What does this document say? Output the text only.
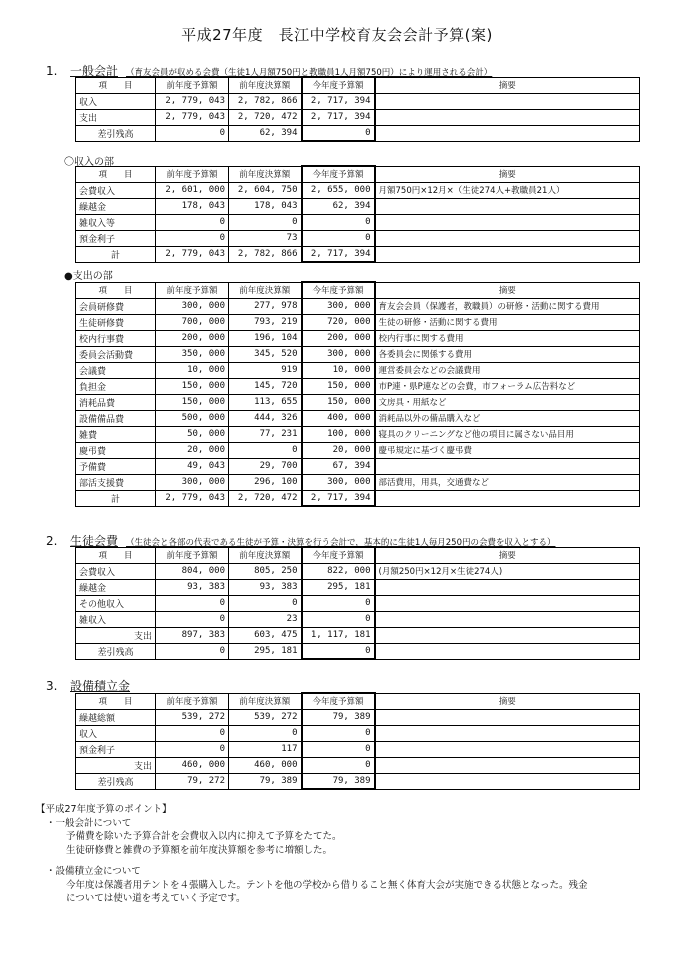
平成27年度　長江中学校育友会会計予算(案)
1. 一般会計 （育友会員が収める会費（生徒1人月額750円と教職員1人月額750円）により運用される会計）
項　　目	前年度予算額	前年度決算額	今年度予算額	摘要
収入	2, 779, 043	2, 782, 866	2, 717, 394	
支出	2, 779, 043	2, 720, 472	2, 717, 394	
差引残高	0	62, 394	0	
〇収入の部
項　　目	前年度予算額	前年度決算額	今年度予算額	摘要
会費収入	2, 601, 000	2, 604, 750	2, 655, 000	月額750円×12月×（生徒274人+教職員21人）
繰越金	178, 043	178, 043	62, 394	
雑収入等	0	0	0	
預金利子	0	73	0	
計	2, 779, 043	2, 782, 866	2, 717, 394	
●支出の部
項　　目	前年度予算額	前年度決算額	今年度予算額	摘要
会員研修費	300, 000	277, 978	300, 000	育友会会員（保護者，教職員）の研修・活動に関する費用
生徒研修費	700, 000	793, 219	720, 000	生徒の研修・活動に関する費用
校内行事費	200, 000	196, 104	200, 000	校内行事に関する費用
委員会活動費	350, 000	345, 520	300, 000	各委員会に関係する費用
会議費	10, 000	919	10, 000	運営委員会などの会議費用
負担金	150, 000	145, 720	150, 000	市P連・県P連などの会費，市フォーラム広告料など
消耗品費	150, 000	113, 655	150, 000	文房具・用紙など
設備備品費	500, 000	444, 326	400, 000	消耗品以外の備品購入など
雑費	50, 000	77, 231	100, 000	寝具のクリーニングなど他の項目に属さない品目用
慶弔費	20, 000	0	20, 000	慶弔規定に基づく慶弔費
予備費	49, 043	29, 700	67, 394	
部活支援費	300, 000	296, 100	300, 000	部活費用，用具，交通費など
計	2, 779, 043	2, 720, 472	2, 717, 394	
2. 生徒会費 （生徒会と各部の代表である生徒が予算・決算を行う会計で，基本的に生徒1人毎月250円の会費を収入とする）
項　　目	前年度予算額	前年度決算額	今年度予算額	摘要
会費収入	804, 000	805, 250	822, 000	(月額250円×12月×生徒274人)
繰越金	93, 383	93, 383	295, 181	
その他収入	0	0	0	
雑収入	0	23	0	
支出	897, 383	603, 475	1, 117, 181	
差引残高	0	295, 181	0	
3. 設備積立金
項　　目	前年度予算額	前年度決算額	今年度予算額	摘要
繰越総額	539, 272	539, 272	79, 389	
収入	0	0	0	
預金利子	0	117	0	
支出	460, 000	460, 000	0	
差引残高	79, 272	79, 389	79, 389	
【平成27年度予算のポイント】
・一般会計について
予備費を除いた予算合計を会費収入以内に抑えて予算をたてた。
生徒研修費と雑費の予算額を前年度決算額を参考に増額した。
・設備積立金について
今年度は保護者用テントを４張購入した。テントを他の学校から借りること無く体育大会が実施できる状態となった。残金
については使い道を考えていく予定です。
